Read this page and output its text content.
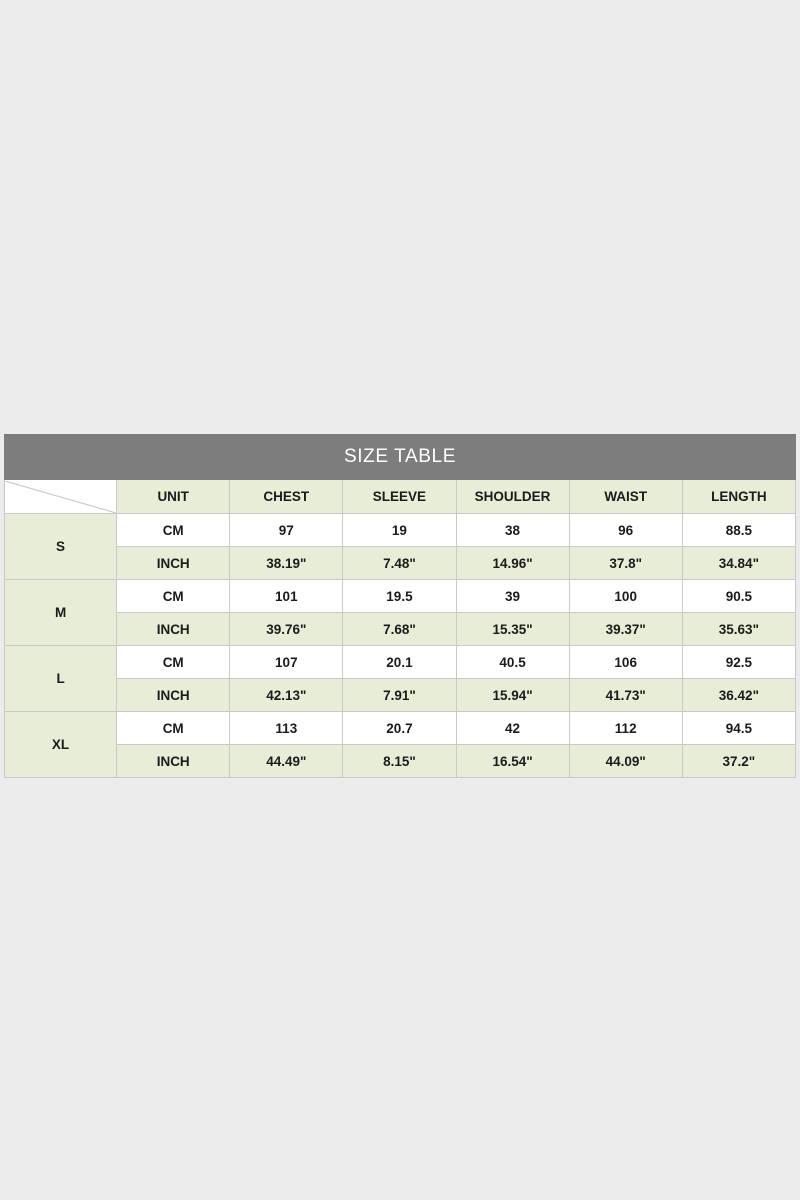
SIZE TABLE						

	UNIT	CHEST	SLEEVE	SHOULDER	WAIST	LENGTH
S	CM	97	19	38	96	88.5
	INCH	38.19"	7.48"	14.96"	37.8"	34.84"
M	CM	101	19.5	39	100	90.5
	INCH	39.76"	7.68"	15.35"	39.37"	35.63"
L	CM	107	20.1	40.5	106	92.5
	INCH	42.13"	7.91"	15.94"	41.73"	36.42"
XL	CM	113	20.7	42	112	94.5
	INCH	44.49"	8.15"	16.54"	44.09"	37.2"
